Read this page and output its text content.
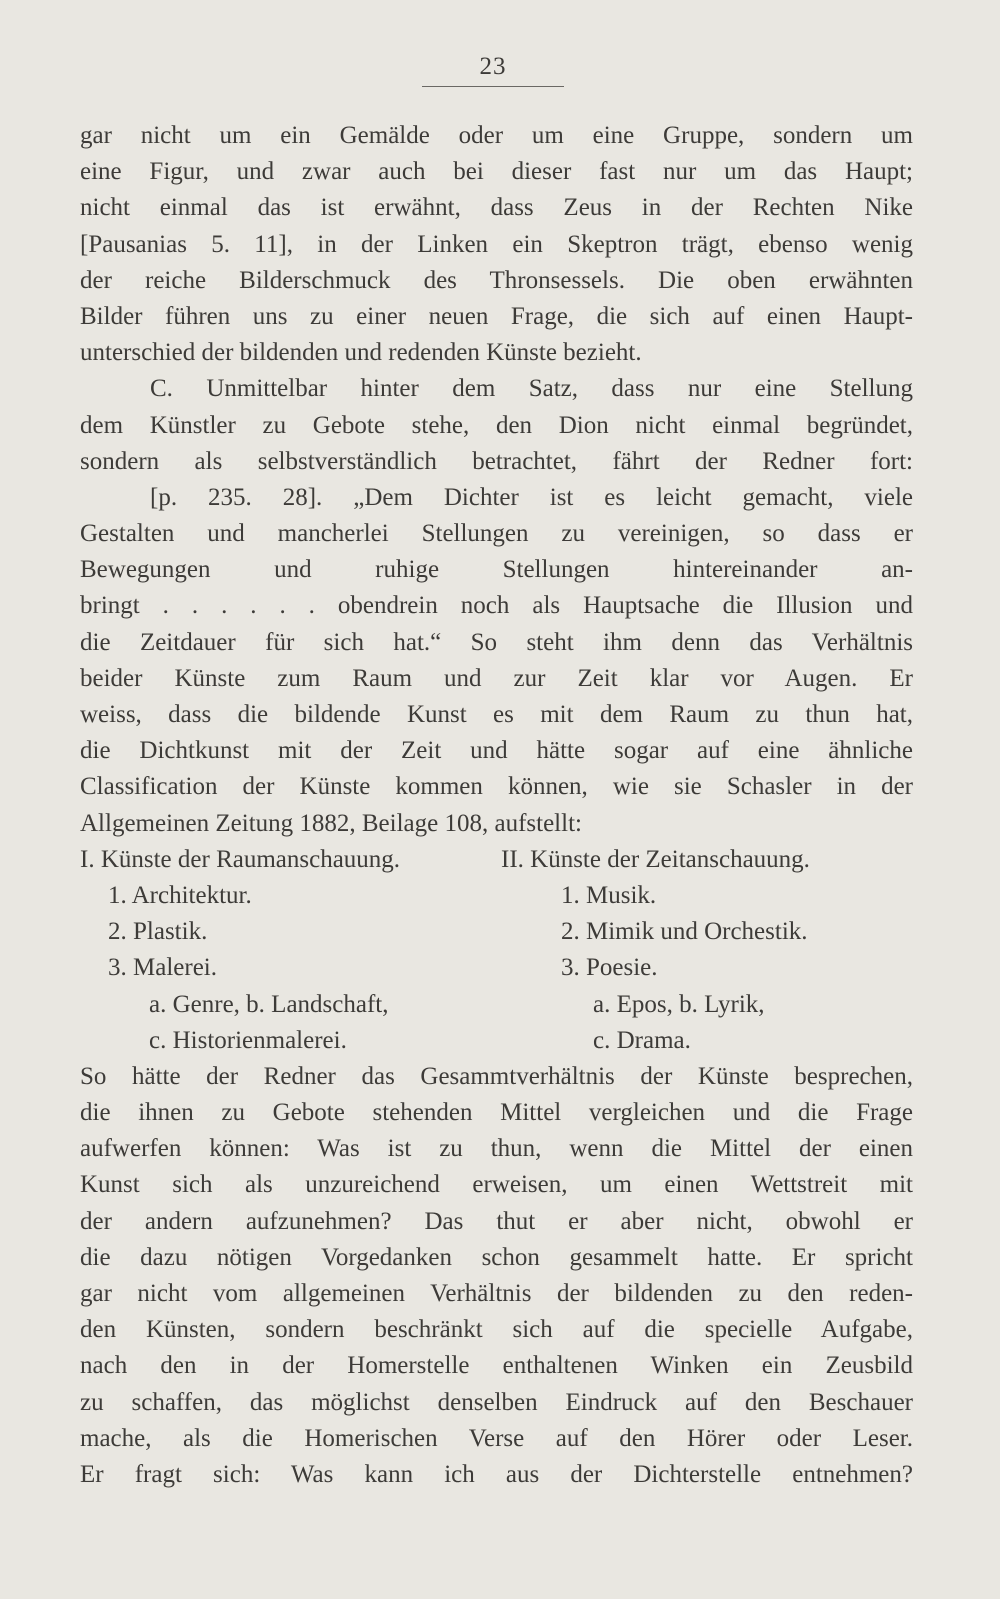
23
gar nicht um ein Gemälde oder um eine Gruppe, sondern um
eine Figur, und zwar auch bei dieser fast nur um das Haupt;
nicht einmal das ist erwähnt, dass Zeus in der Rechten Nike
[Pausanias 5. 11], in der Linken ein Skeptron trägt, ebenso wenig
der reiche Bilderschmuck des Thronsessels. Die oben erwähnten
Bilder führen uns zu einer neuen Frage, die sich auf einen Haupt-
unterschied der bildenden und redenden Künste bezieht.
C. Unmittelbar hinter dem Satz, dass nur eine Stellung
dem Künstler zu Gebote stehe, den Dion nicht einmal begründet,
sondern als selbstverständlich betrachtet, fährt der Redner fort:
[p. 235. 28]. „Dem Dichter ist es leicht gemacht, viele
Gestalten und mancherlei Stellungen zu vereinigen, so dass er
Bewegungen und ruhige Stellungen hintereinander an-
bringt . . . . . . obendrein noch als Hauptsache die Illusion und
die Zeitdauer für sich hat.“ So steht ihm denn das Verhältnis
beider Künste zum Raum und zur Zeit klar vor Augen. Er
weiss, dass die bildende Kunst es mit dem Raum zu thun hat,
die Dichtkunst mit der Zeit und hätte sogar auf eine ähnliche
Classification der Künste kommen können, wie sie Schasler in der
Allgemeinen Zeitung 1882, Beilage 108, aufstellt:
I. Künste der Raumanschauung.	II. Künste der Zeitanschauung.
1. Architektur.	1. Musik.
2. Plastik.	2. Mimik und Orchestik.
3. Malerei.	3. Poesie.
a. Genre, b. Landschaft,	a. Epos, b. Lyrik,
c. Historienmalerei.	c. Drama.
So hätte der Redner das Gesammtverhältnis der Künste besprechen,
die ihnen zu Gebote stehenden Mittel vergleichen und die Frage
aufwerfen können: Was ist zu thun, wenn die Mittel der einen
Kunst sich als unzureichend erweisen, um einen Wettstreit mit
der andern aufzunehmen? Das thut er aber nicht, obwohl er
die dazu nötigen Vorgedanken schon gesammelt hatte. Er spricht
gar nicht vom allgemeinen Verhältnis der bildenden zu den reden-
den Künsten, sondern beschränkt sich auf die specielle Aufgabe,
nach den in der Homerstelle enthaltenen Winken ein Zeusbild
zu schaffen, das möglichst denselben Eindruck auf den Beschauer
mache, als die Homerischen Verse auf den Hörer oder Leser.
Er fragt sich: Was kann ich aus der Dichterstelle entnehmen?
